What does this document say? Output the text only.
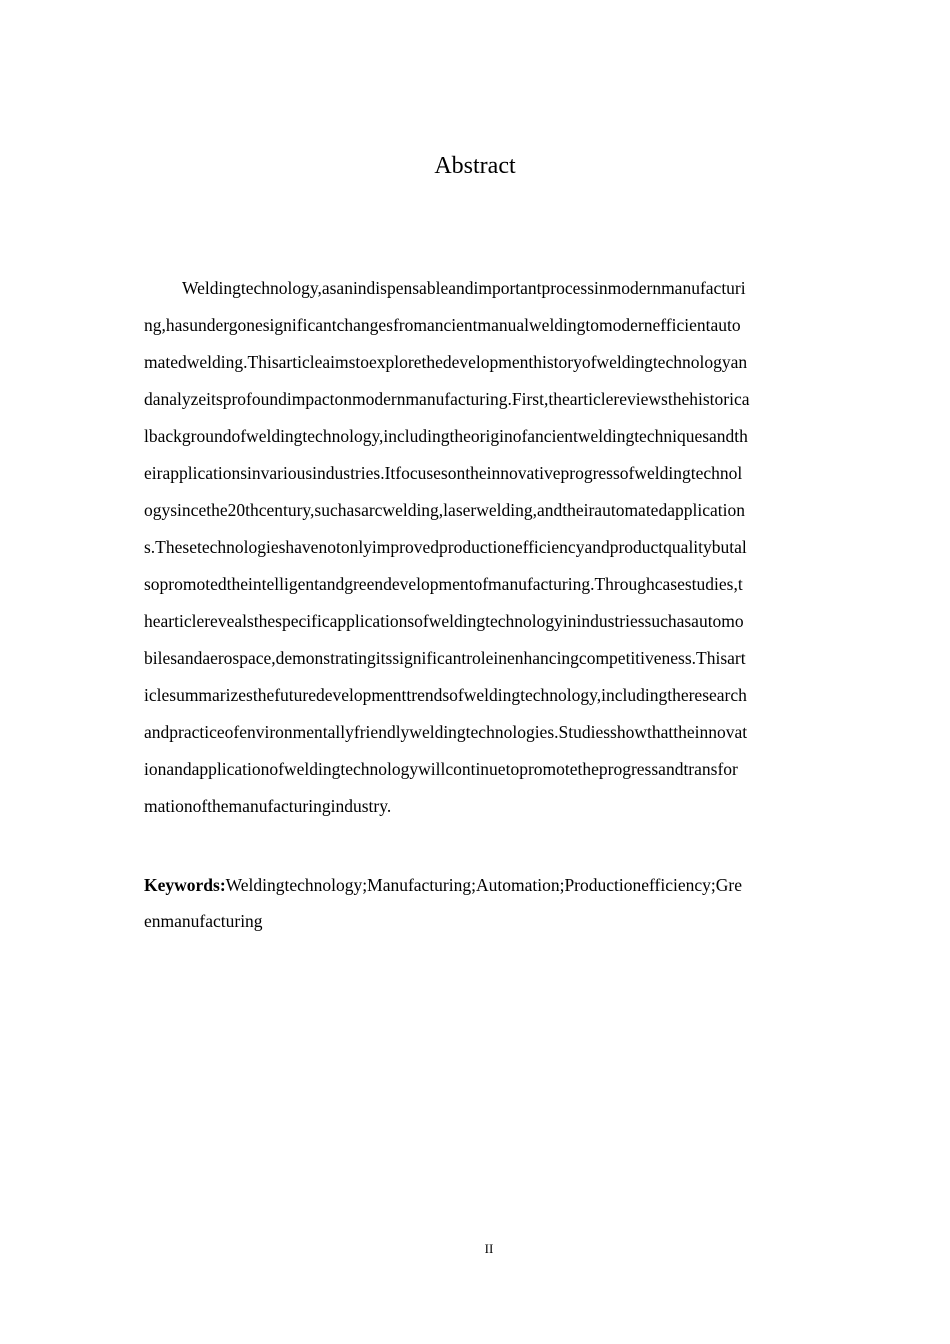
Abstract
Weldingtechnology,asanindispensableandimportantprocessinmodernmanufacturi
ng,hasundergonesignificantchangesfromancientmanualweldingtomodernefficientauto
matedwelding.Thisarticleaimstoexplorethedevelopmenthistoryofweldingtechnologyan
danalyzeitsprofoundimpactonmodernmanufacturing.First,thearticlereviewsthehistorica
lbackgroundofweldingtechnology,includingtheoriginofancientweldingtechniquesandth
eirapplicationsinvariousindustries.Itfocusesontheinnovativeprogressofweldingtechnol
ogysincethe20thcentury,suchasarcwelding,laserwelding,andtheirautomatedapplication
s.Thesetechnologieshavenotonlyimprovedproductionefficiencyandproductqualitybutal
sopromotedtheintelligentandgreendevelopmentofmanufacturing.Throughcasestudies,t
hearticlerevealsthespecificapplicationsofweldingtechnologyinindustriessuchasautomo
bilesandaerospace,demonstratingitssignificantroleinenhancingcompetitiveness.Thisart
iclesummarizesthefuturedevelopmenttrendsofweldingtechnology,includingtheresearch
andpracticeofenvironmentallyfriendlyweldingtechnologies.Studiesshowthattheinnovat
ionandapplicationofweldingtechnologywillcontinuetopromotetheprogressandtransfor
mationofthemanufacturingindustry.
Keywords:Weldingtechnology;Manufacturing;Automation;Productionefficiency;Gre
enmanufacturing
II
